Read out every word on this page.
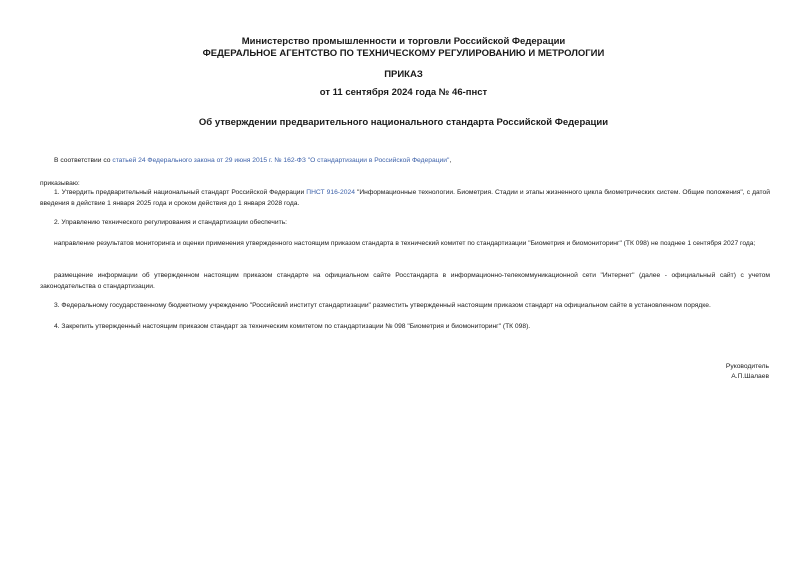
Министерство промышленности и торговли Российской Федерации
ФЕДЕРАЛЬНОЕ АГЕНТСТВО ПО ТЕХНИЧЕСКОМУ РЕГУЛИРОВАНИЮ И МЕТРОЛОГИИ
ПРИКАЗ
от 11 сентября 2024 года № 46-пнст
Об утверждении предварительного национального стандарта Российской Федерации
В соответствии со статьей 24 Федерального закона от 29 июня 2015 г. № 162-ФЗ "О стандартизации в Российской Федерации",
приказываю:
1. Утвердить предварительный национальный стандарт Российской Федерации ПНСТ 916-2024 "Информационные технологии. Биометрия. Стадии и этапы жизненного цикла биометрических систем. Общие положения", с датой введения в действие 1 января 2025 года и сроком действия до 1 января 2028 года.
2. Управлению технического регулирования и стандартизации обеспечить:
направление результатов мониторинга и оценки применения утвержденного настоящим приказом стандарта в технический комитет по стандартизации "Биометрия и биомониторинг" (ТК 098) не позднее 1 сентября 2027 года;
размещение информации об утвержденном настоящим приказом стандарте на официальном сайте Росстандарта в информационно-телекоммуникационной сети "Интернет" (далее - официальный сайт) с учетом законодательства о стандартизации.
3. Федеральному государственному бюджетному учреждению "Российский институт стандартизации" разместить утвержденный настоящим приказом стандарт на официальном сайте в установленном порядке.
4. Закрепить утвержденный настоящим приказом стандарт за техническим комитетом по стандартизации № 098 "Биометрия и биомониторинг" (ТК 098).
Руководитель
А.П.Шалаев
